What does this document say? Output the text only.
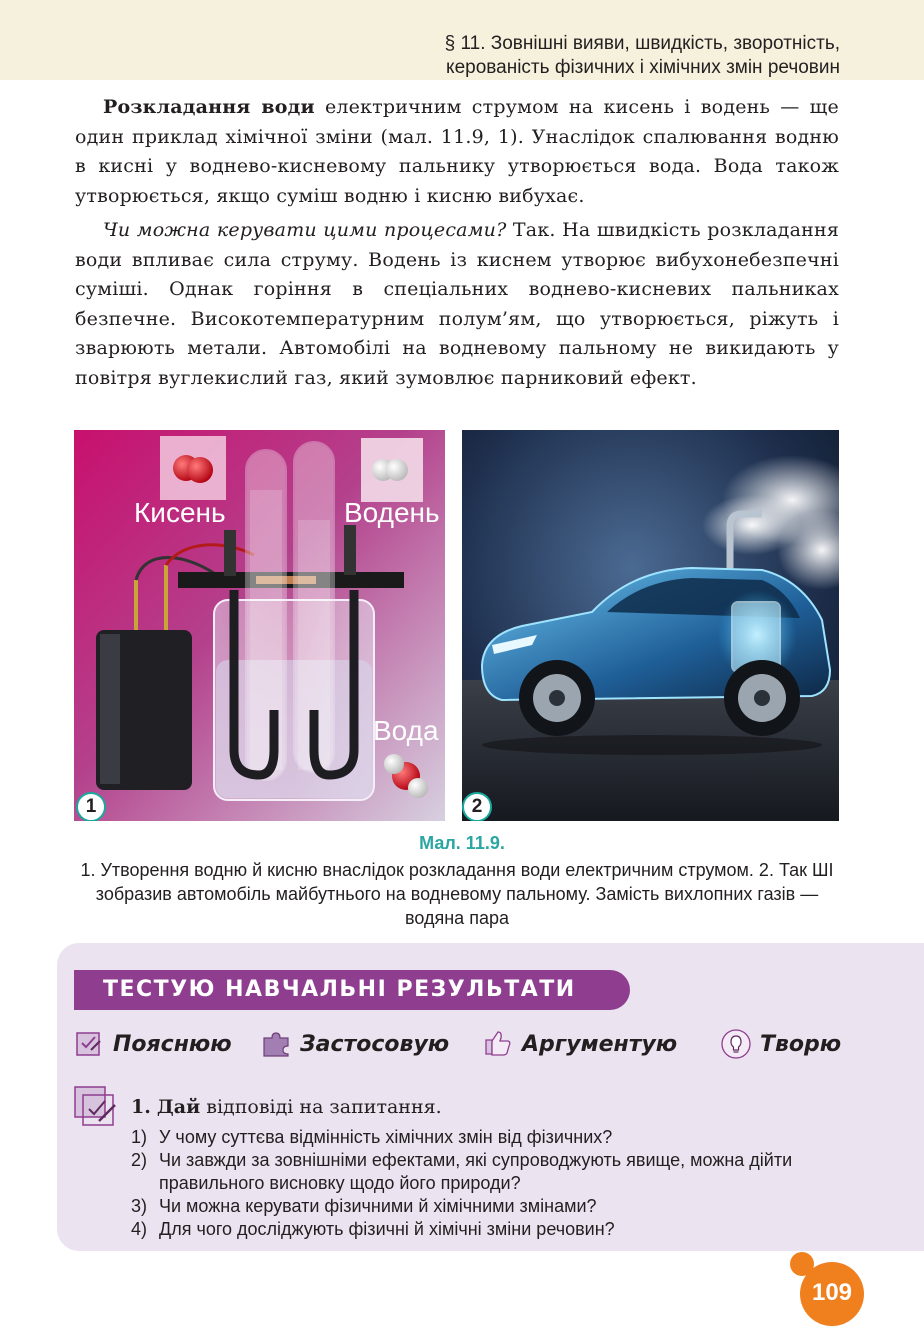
§ 11. Зовнішні вияви, швидкість, зворотність,
керованість фізичних і хімічних змін речовин

Розкладання води електричним струмом на кисень і водень — ще один приклад хімічної зміни (мал. 11.9, 1). Унаслідок спалювання водню в кисні у воднево-кисневому пальнику утворюється вода. Вода також утворюється, якщо суміш водню і кисню вибухає.

Чи можна керувати цими процесами? Так. На швидкість розкладання води впливає сила струму. Водень із киснем утворює вибухонебезпечні суміші. Однак горіння в спеціальних воднево-кисневих пальниках безпечне. Високотемпературним полум’ям, що утворюється, ріжуть і зварюють метали. Автомобілі на водневому пальному не викидають у повітря вуглекислий газ, який зумовлює парниковий ефект.

Кисень	Водень
Вода
1	2
Мал. 11.9.
1. Утворення водню й кисню внаслідок розкладання води електричним струмом. 2. Так ШІ зобразив автомобіль майбутнього на водневому пальному. Замість вихлопних газів — водяна пара
ТЕСТУЮ НАВЧАЛЬНІ РЕЗУЛЬТАТИ
Пояснюю	Застосовую	Аргументую	Творю
1. Дай відповіді на запитання.
1) У чому суттєва відмінність хімічних змін від фізичних?
2) Чи завжди за зовнішніми ефектами, які супроводжують явище, можна дійти правильного висновку щодо його природи?
3) Чи можна керувати фізичними й хімічними змінами?
4) Для чого досліджують фізичні й хімічні зміни речовин?
109
